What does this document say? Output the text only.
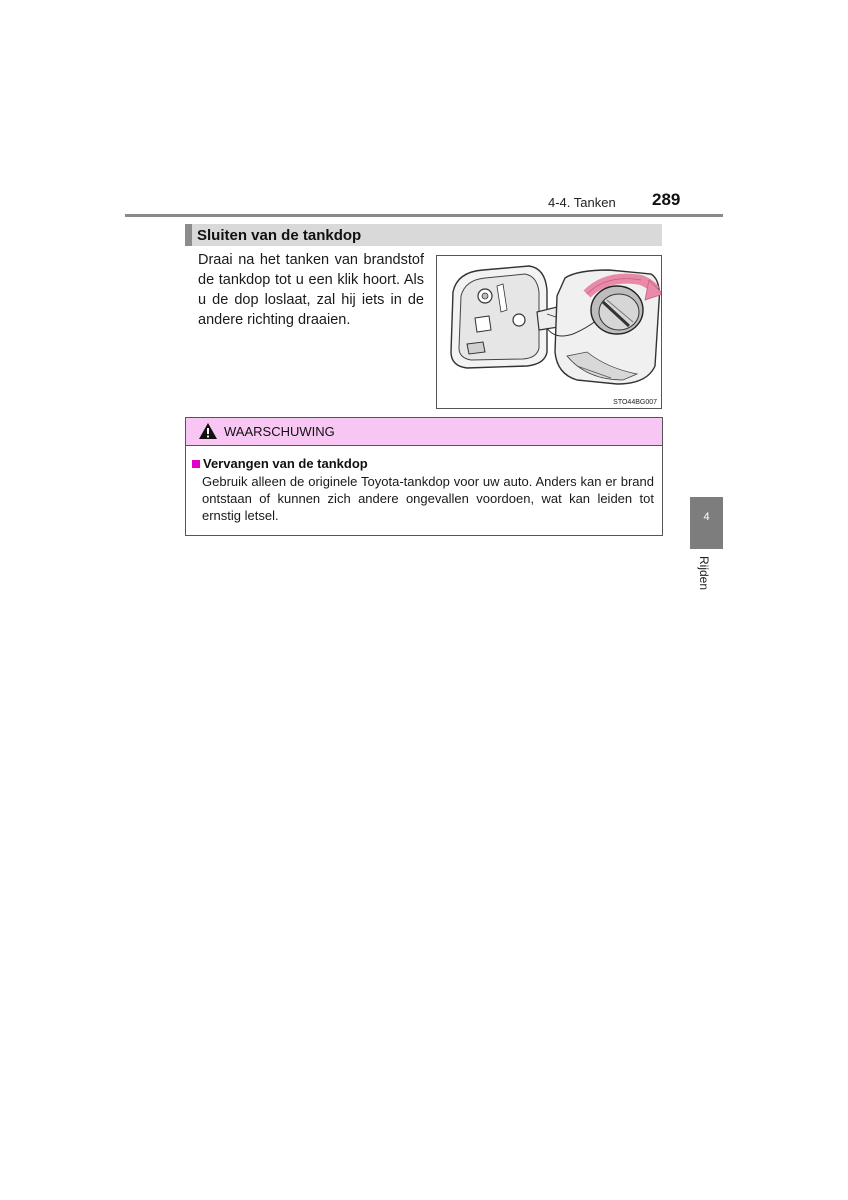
4-4. Tanken 289
Sluiten van de tankdop
Draai na het tanken van brandstof de tankdop tot u een klik hoort. Als u de dop loslaat, zal hij iets in de andere richting draaien.
STO44BG007
WAARSCHUWING
Vervangen van de tankdop
Gebruik alleen de originele Toyota-tankdop voor uw auto. Anders kan er brand ontstaan of kunnen zich andere ongevallen voordoen, wat kan leiden tot ernstig letsel.	4
Rijden
